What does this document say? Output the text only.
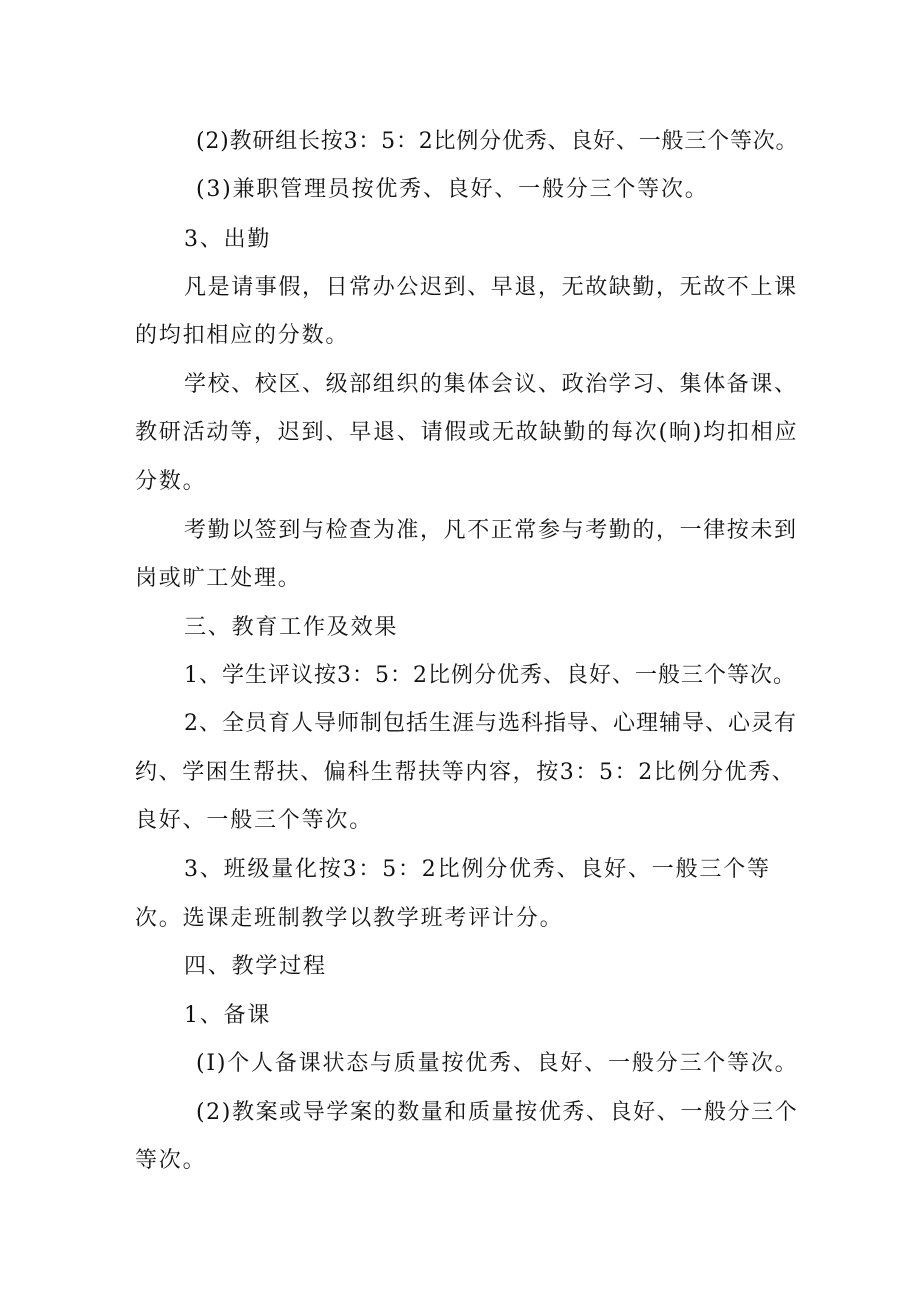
(2)教研组长按3：5：2比例分优秀、良好、一般三个等次。

(3)兼职管理员按优秀、良好、一般分三个等次。

3、出勤

凡是请事假，日常办公迟到、早退，无故缺勤，无故不上课

的均扣相应的分数。

学校、校区、级部组织的集体会议、政治学习、集体备课、

教研活动等，迟到、早退、请假或无故缺勤的每次(晌)均扣相应

分数。

考勤以签到与检查为准，凡不正常参与考勤的，一律按未到

岗或旷工处理。

三、教育工作及效果

1、学生评议按3：5：2比例分优秀、良好、一般三个等次。

2、全员育人导师制包括生涯与选科指导、心理辅导、心灵有

约、学困生帮扶、偏科生帮扶等内容，按3：5：2比例分优秀、

良好、一般三个等次。

3、班级量化按3：5：2比例分优秀、良好、一般三个等

次。选课走班制教学以教学班考评计分。

四、教学过程

1、备课

(I)个人备课状态与质量按优秀、良好、一般分三个等次。

(2)教案或导学案的数量和质量按优秀、良好、一般分三个

等次。
